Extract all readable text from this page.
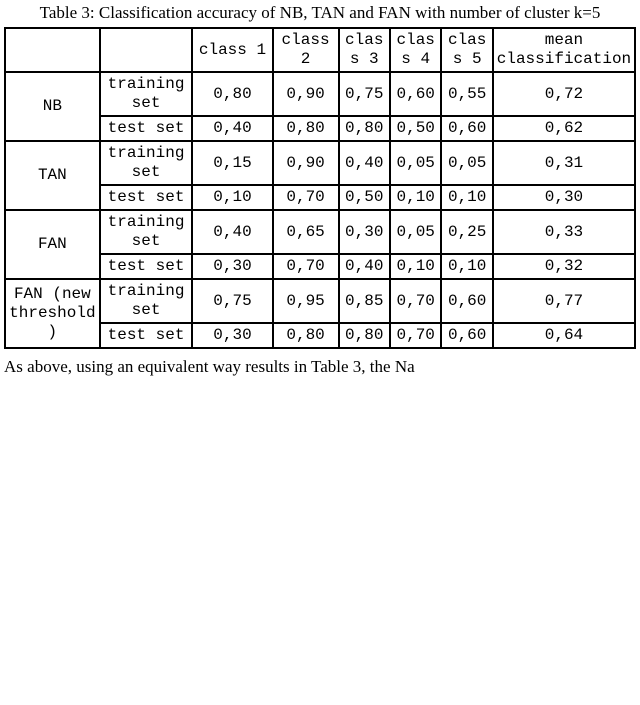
Table 3: Classification accuracy of NB, TAN and FAN with number of cluster k=5
		class 1	class 2	class 3	class 4	class 5	mean classification
NB	training set	0,80	0,90	0,75	0,60	0,55	0,72
	test set	0,40	0,80	0,80	0,50	0,60	0,62
TAN	training set	0,15	0,90	0,40	0,05	0,05	0,31
	test set	0,10	0,70	0,50	0,10	0,10	0,30
FAN	training set	0,40	0,65	0,30	0,05	0,25	0,33
	test set	0,30	0,70	0,40	0,10	0,10	0,32
FAN (new threshold)	training set	0,75	0,95	0,85	0,70	0,60	0,77
	test set	0,30	0,80	0,80	0,70	0,60	0,64
As above, using an equivalent way results in Table 3, the Na
